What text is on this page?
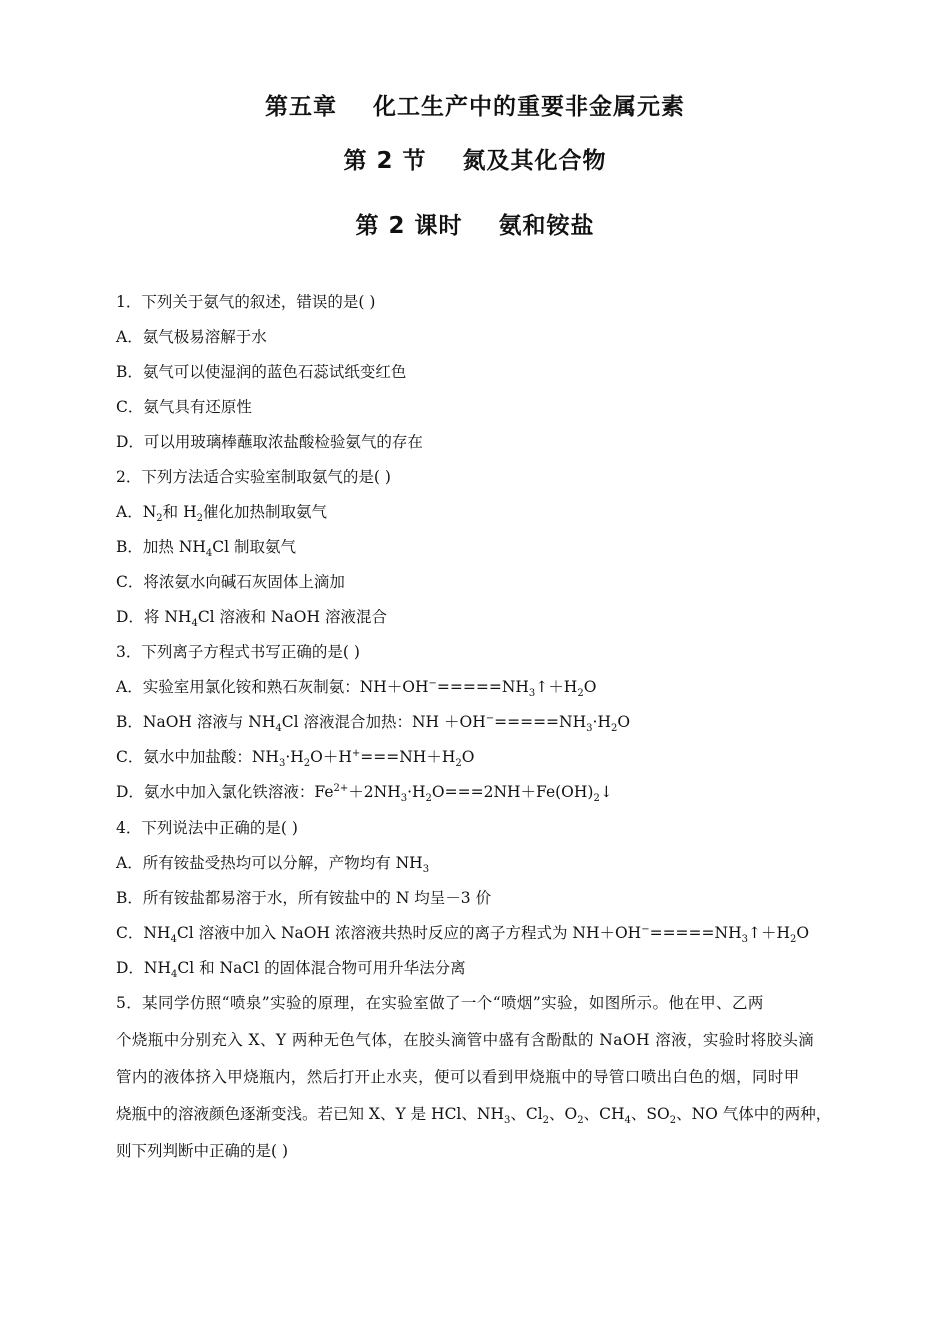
第五章    化工生产中的重要非金属元素
第 2 节    氮及其化合物
第 2 课时    氨和铵盐
1．下列关于氨气的叙述，错误的是( )
A．氨气极易溶解于水
B．氨气可以使湿润的蓝色石蕊试纸变红色
C．氨气具有还原性
D．可以用玻璃棒蘸取浓盐酸检验氨气的存在
2．下列方法适合实验室制取氨气的是( )
A．$N_2$和 $H_2$催化加热制取氨气
B．加热 $NH_4Cl$ 制取氨气
C．将浓氨水向碱石灰固体上滴加
D．将 $NH_4Cl$ 溶液和 NaOH 溶液混合
3．下列离子方程式书写正确的是( )
A．实验室用氯化铵和熟石灰制氨：$NH+OH^-=====NH_3↑+H_2O$
B．NaOH 溶液与 $NH_4Cl$ 溶液混合加热：NH $+OH^-=====NH_3\cdot H_2O$
C．氨水中加盐酸：$NH_3\cdot H_2O+H^+===NH+H_2O$
D．氨水中加入氯化铁溶液：$Fe^{2+}+2NH_3\cdot H_2O===2NH+Fe(OH)_2↓$
4．下列说法中正确的是( )
A．所有铵盐受热均可以分解，产物均有 $NH_3$
B．所有铵盐都易溶于水，所有铵盐中的 N 均呈－3 价
C．$NH_4Cl$ 溶液中加入 NaOH 浓溶液共热时反应的离子方程式为 $NH+OH^-=====NH_3↑+H_2O$
D．$NH_4Cl$ 和 NaCl 的固体混合物可用升华法分离
5．某同学仿照“喷泉”实验的原理，在实验室做了一个“喷烟”实验，如图所示。他在甲、乙两
个烧瓶中分别充入 X、Y 两种无色气体，在胶头滴管中盛有含酚酞的 NaOH 溶液，实验时将胶头滴
管内的液体挤入甲烧瓶内，然后打开止水夹，便可以看到甲烧瓶中的导管口喷出白色的烟，同时甲
烧瓶中的溶液颜色逐渐变浅。若已知 X、Y 是 HCl、$NH_3$、$Cl_2$、$O_2$、$CH_4$、$SO_2$、NO 气体中的两种，
则下列判断中正确的是( )
